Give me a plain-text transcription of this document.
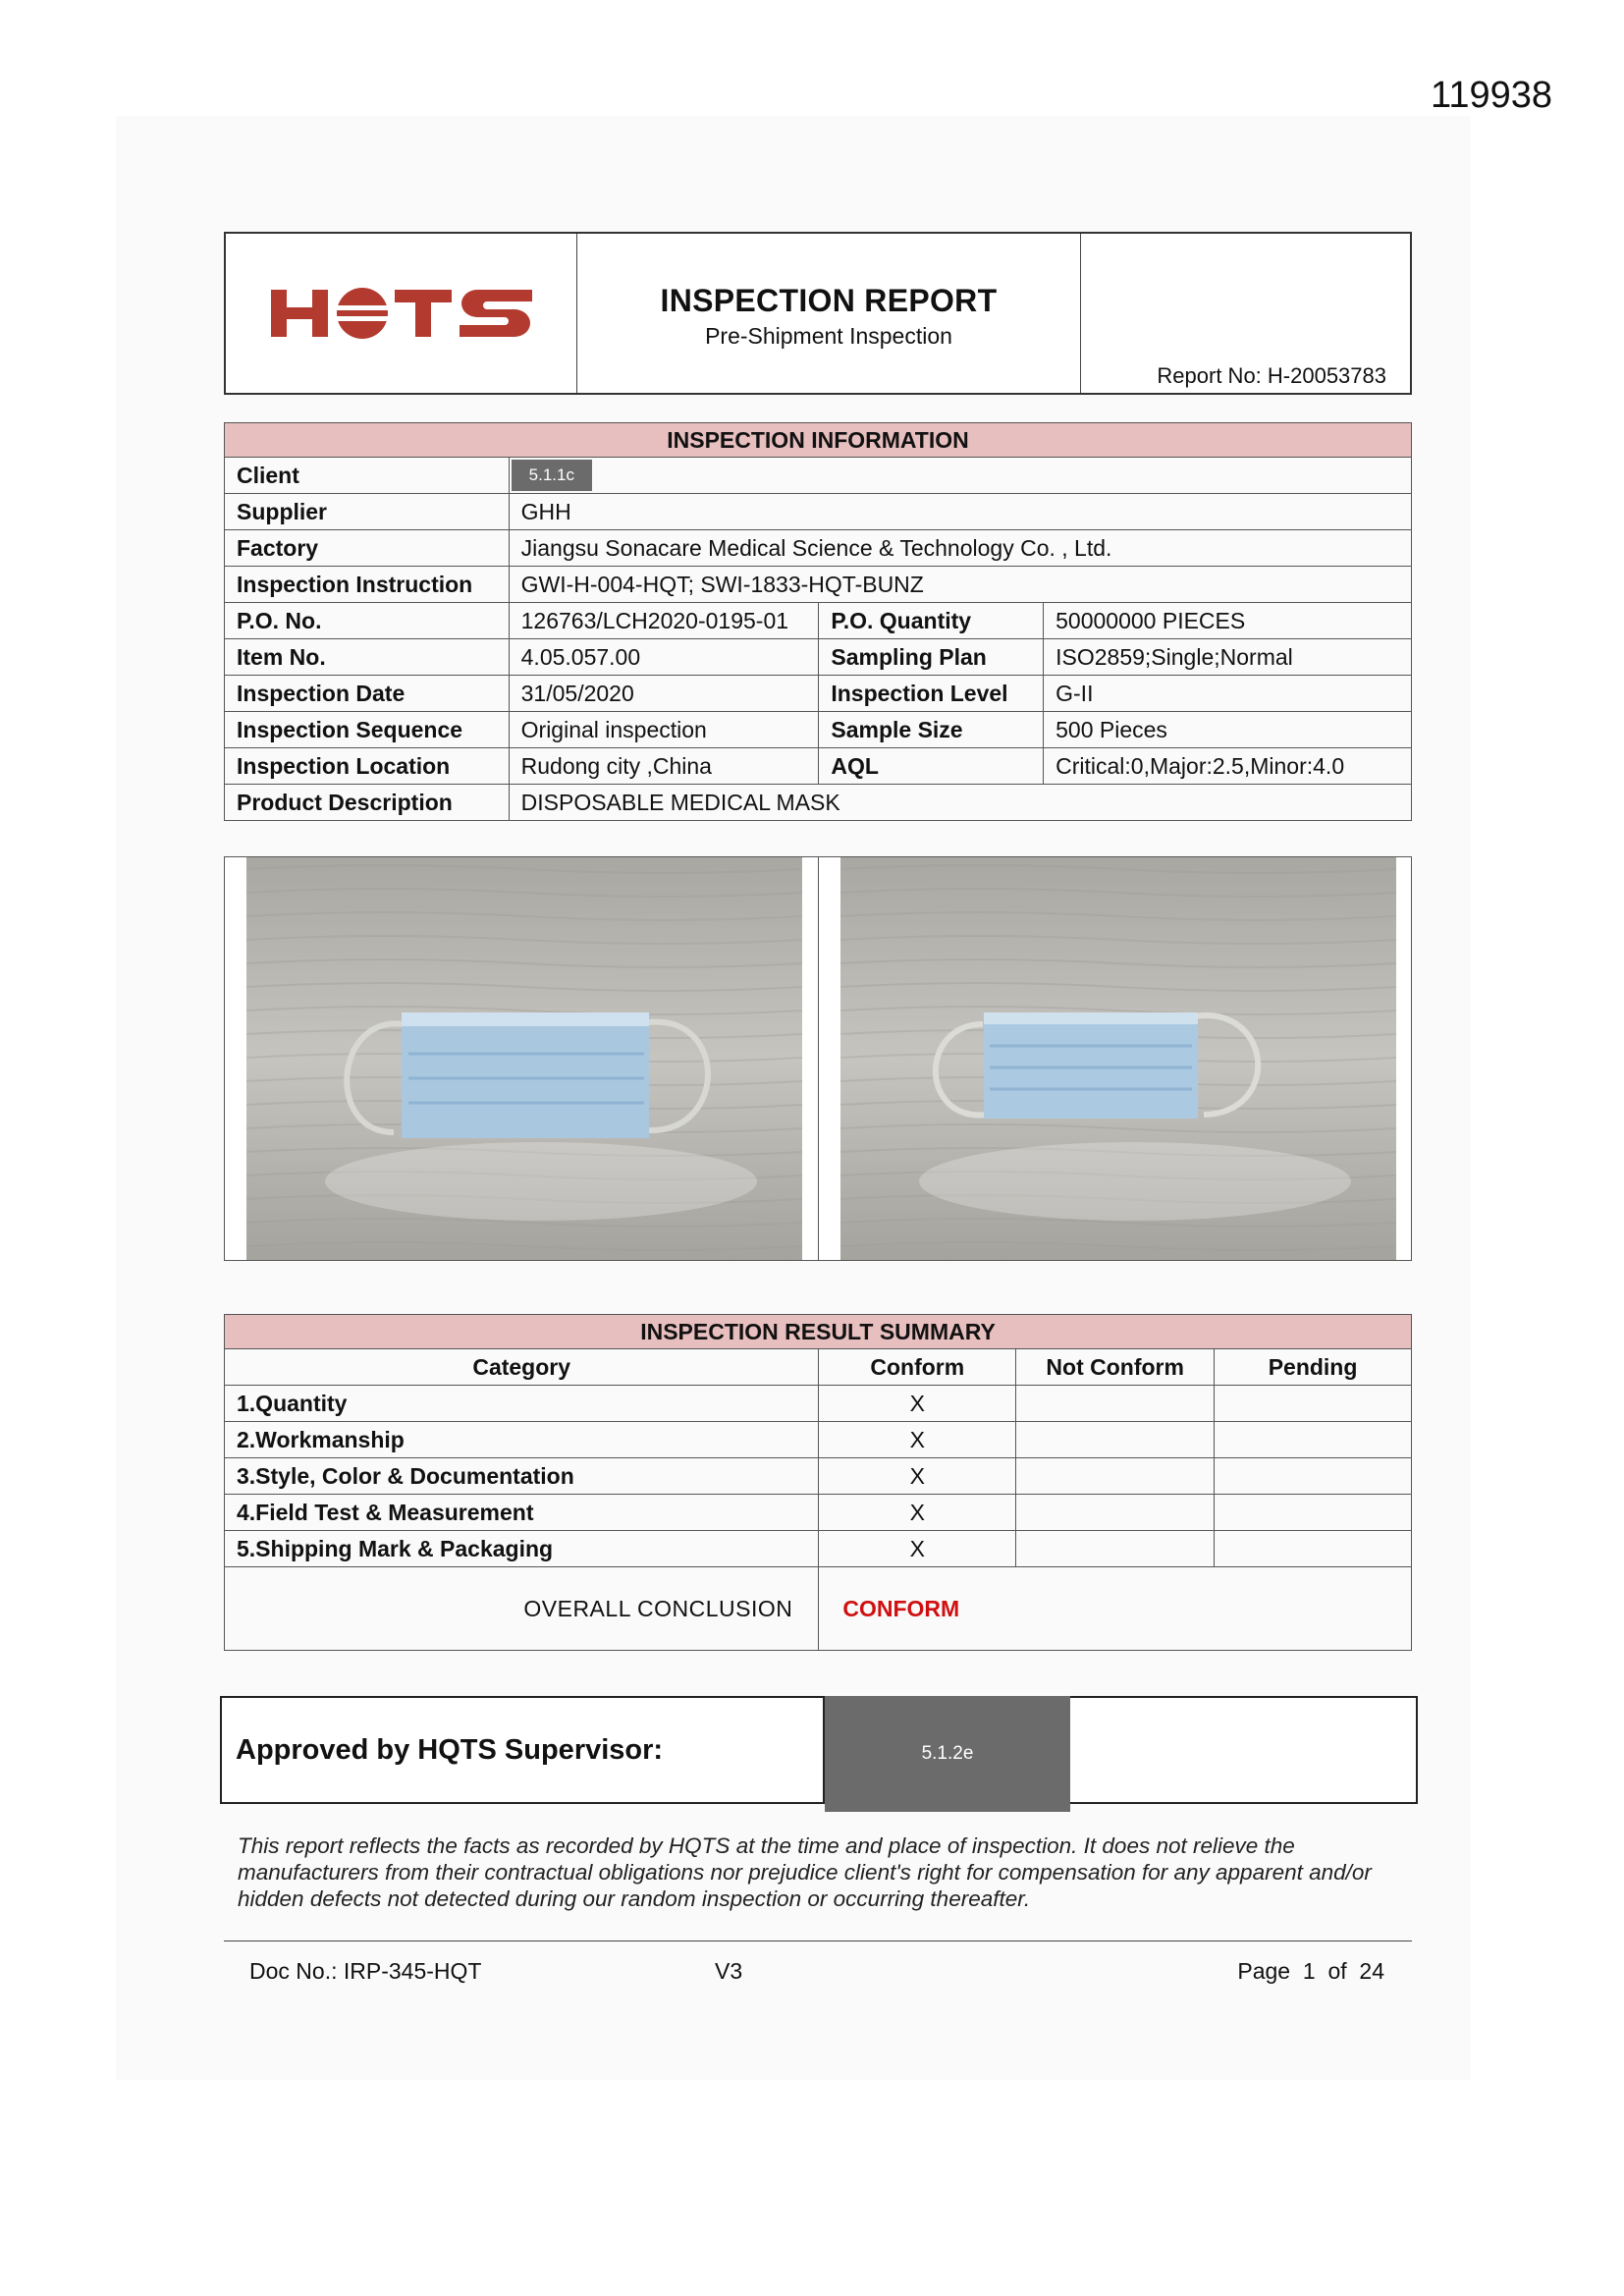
119938
INSPECTION REPORT
Pre-Shipment Inspection
Report No: H-20053783
INSPECTION INFORMATION			
Client	5.1.1c		
Supplier	GHH		
Factory	Jiangsu Sonacare Medical Science & Technology Co. , Ltd.		
Inspection Instruction	GWI-H-004-HQT; SWI-1833-HQT-BUNZ		
P.O. No.	126763/LCH2020-0195-01	P.O. Quantity	50000000 PIECES
Item No.	4.05.057.00	Sampling Plan	ISO2859;Single;Normal
Inspection Date	31/05/2020	Inspection Level	G-II
Inspection Sequence	Original inspection	Sample Size	500 Pieces
Inspection Location	Rudong city ,China	AQL	Critical:0,Major:2.5,Minor:4.0
Product Description	DISPOSABLE MEDICAL MASK		
INSPECTION RESULT SUMMARY			
Category	Conform	Not Conform	Pending
1.Quantity	X		
2.Workmanship	X		
3.Style, Color & Documentation	X		
4.Field Test & Measurement	X		
5.Shipping Mark & Packaging	X		
OVERALL CONCLUSION	CONFORM		
Approved by HQTS Supervisor:	5.1.2e
This report reflects the facts as recorded by HQTS at the time and place of inspection. It does not relieve the manufacturers from their contractual obligations nor prejudice client's right for compensation for any apparent and/or hidden defects not detected during our random inspection or occurring thereafter.
Doc No.: IRP-345-HQT	V3	Page  1  of  24
